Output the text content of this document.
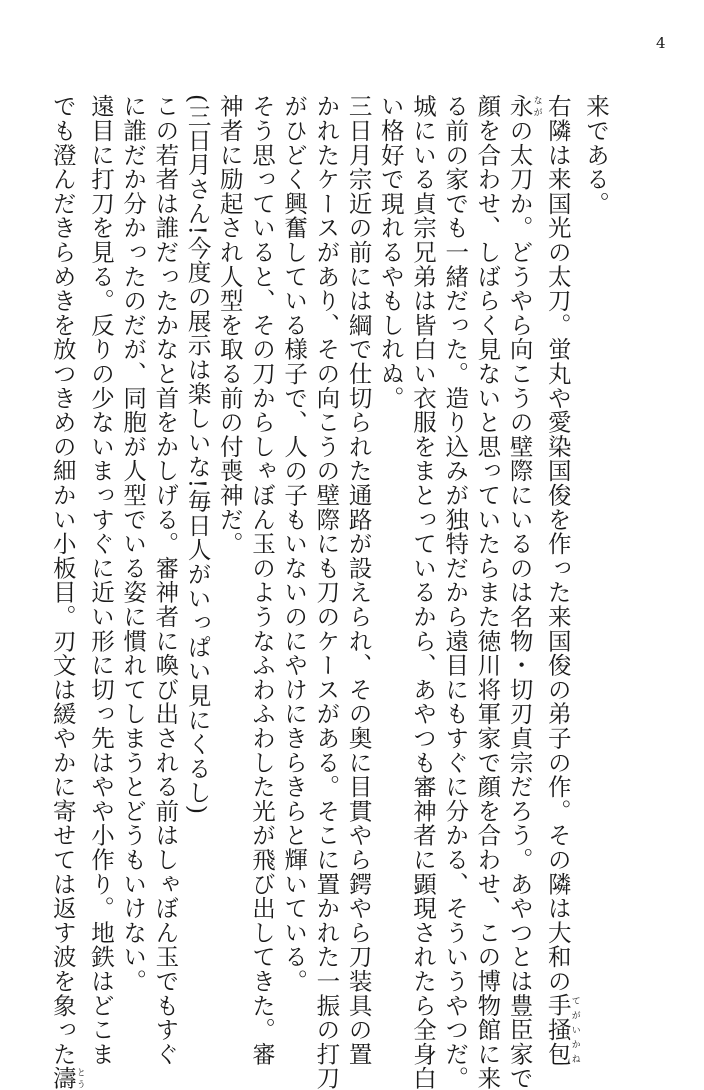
4
来である。
右隣は来国光の太刀。蛍丸や愛染国俊を作った来国俊の弟子の作。その隣は大和の手掻包てがいかね
永ながの太刀か。どうやら向こうの壁際にいるのは名物・切刃貞宗だろう。あやつとは豊臣家で
顔を合わせ、しばらく見ないと思っていたらまた徳川将軍家で顔を合わせ、この博物館に来
る前の家でも一緒だった。造り込みが独特だから遠目にもすぐに分かる、そういうやつだ。
城にいる貞宗兄弟は皆白い衣服をまとっているから、あやつも審神者に顕現されたら全身白
い格好で現れるやもしれぬ。
三日月宗近の前には綱で仕切られた通路が設えられ、その奥に目貫やら鍔やら刀装具の置
かれたケースがあり、その向こうの壁際にも刀のケースがある。そこに置かれた一振の打刀
がひどく興奮している様子で、人の子もいないのにやけにきらきらと輝いている。
そう思っていると、その刀からしゃぼん玉のようなふわふわした光が飛び出してきた。審
神者に励起され人型を取る前の付喪神だ。
(三日月さん!今度の展示は楽しいな!毎日人がいっぱい見にくるし)
この若者は誰だったかなと首をかしげる。審神者に喚び出される前はしゃぼん玉でもすぐ
に誰だか分かったのだが、同胞が人型でいる姿に慣れてしまうとどうもいけない。
遠目に打刀を見る。反りの少ないまっすぐに近い形に切っ先はやや小作り。地鉄はどこま
でも澄んだきらめきを放つきめの細かい小板目。刃文は緩やかに寄せては返す波を象った濤とう
